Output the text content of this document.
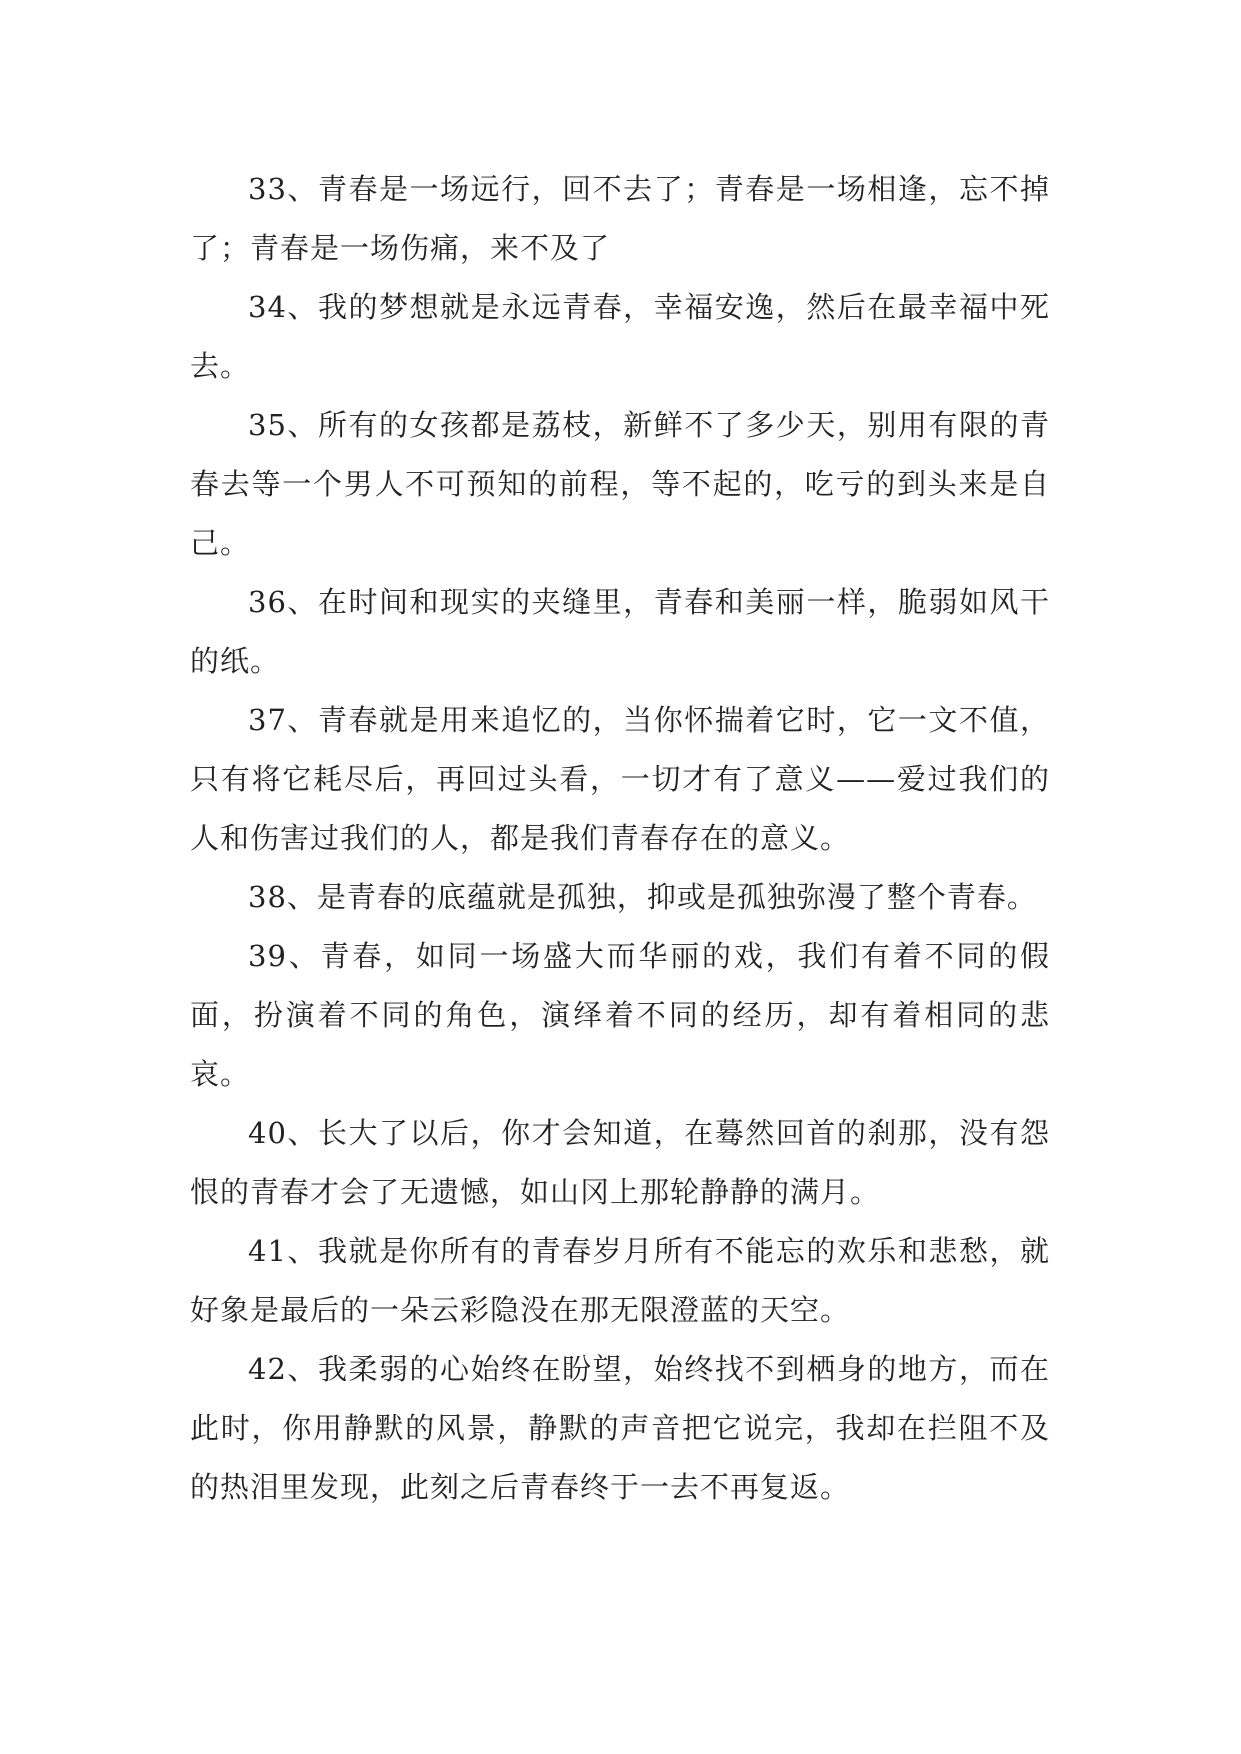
33、青春是一场远行，回不去了；青春是一场相逢，忘不掉了；青春是一场伤痛，来不及了

34、我的梦想就是永远青春，幸福安逸，然后在最幸福中死去。

35、所有的女孩都是荔枝，新鲜不了多少天，别用有限的青春去等一个男人不可预知的前程，等不起的，吃亏的到头来是自己。

36、在时间和现实的夹缝里，青春和美丽一样，脆弱如风干的纸。

37、青春就是用来追忆的，当你怀揣着它时，它一文不值，只有将它耗尽后，再回过头看，一切才有了意义——爱过我们的人和伤害过我们的人，都是我们青春存在的意义。

38、是青春的底蕴就是孤独，抑或是孤独弥漫了整个青春。

39、青春，如同一场盛大而华丽的戏，我们有着不同的假面，扮演着不同的角色，演绎着不同的经历，却有着相同的悲哀。

40、长大了以后，你才会知道，在蓦然回首的刹那，没有怨恨的青春才会了无遗憾，如山冈上那轮静静的满月。

41、我就是你所有的青春岁月所有不能忘的欢乐和悲愁，就好象是最后的一朵云彩隐没在那无限澄蓝的天空。

42、我柔弱的心始终在盼望，始终找不到栖身的地方，而在此时，你用静默的风景，静默的声音把它说完，我却在拦阻不及的热泪里发现，此刻之后青春终于一去不再复返。
